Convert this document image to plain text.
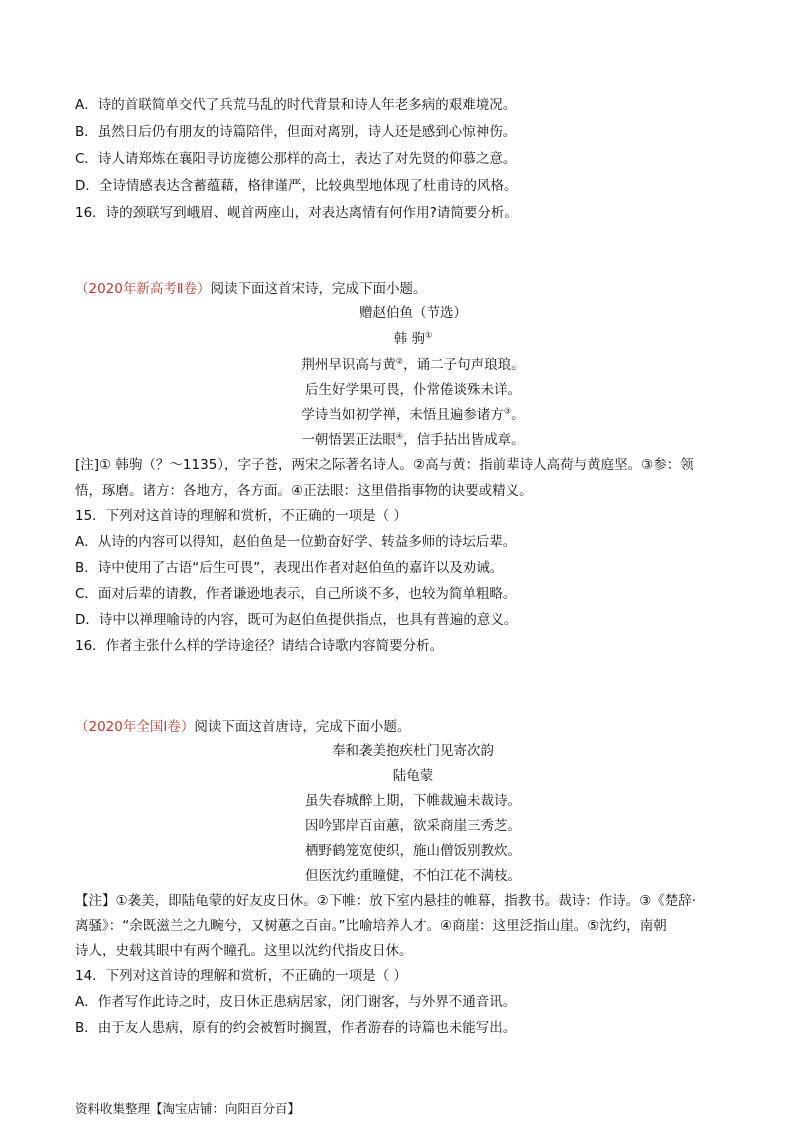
A．诗的首联简单交代了兵荒马乱的时代背景和诗人年老多病的艰难境况。
B．虽然日后仍有朋友的诗篇陪伴，但面对离别，诗人还是感到心惊神伤。
C．诗人请郑炼在襄阳寻访庞德公那样的高士，表达了对先贤的仰慕之意。
D．全诗情感表达含蓄蕴藉，格律谨严，比较典型地体现了杜甫诗的风格。
16．诗的颈联写到峨眉、岘首两座山，对表达离情有何作用?请简要分析。
（2020年新高考Ⅱ卷）阅读下面这首宋诗，完成下面小题。
赠赵伯鱼（节选）
韩 驹①
荆州早识高与黄②，诵二子句声琅琅。
后生好学果可畏，仆常倦谈殊未详。
学诗当如初学禅，未悟且遍参诸方③。
一朝悟罢正法眼④，信手拈出皆成章。
[注]① 韩驹（？～1135），字子苍，两宋之际著名诗人。②高与黄：指前辈诗人高荷与黄庭坚。③参：领
悟，琢磨。诸方：各地方，各方面。④正法眼：这里借指事物的诀要或精义。
15．下列对这首诗的理解和赏析，不正确的一项是（ ）
A．从诗的内容可以得知，赵伯鱼是一位勤奋好学、转益多师的诗坛后辈。
B．诗中使用了古语“后生可畏”，表现出作者对赵伯鱼的嘉许以及劝诫。
C．面对后辈的请教，作者谦逊地表示，自己所谈不多，也较为简单粗略。
D．诗中以禅理喻诗的内容，既可为赵伯鱼提供指点，也具有普遍的意义。
16．作者主张什么样的学诗途径？请结合诗歌内容简要分析。
（2020年全国Ⅰ卷）阅读下面这首唐诗，完成下面小题。
奉和袭美抱疾杜门见寄次韵
陆龟蒙
虽失春城醉上期，下帷裁遍未裁诗。
因吟郢岸百亩蕙，欲采商崖三秀芝。
栖野鹤笼宽使织，施山僧饭别教炊。
但医沈约重瞳健，不怕江花不满枝。
【注】①袭美，即陆龟蒙的好友皮日休。②下帷：放下室内悬挂的帷幕，指教书。裁诗：作诗。③《楚辞·
离骚》：“余既滋兰之九畹兮，又树蕙之百亩。”比喻培养人才。④商崖：这里泛指山崖。⑤沈约，南朝
诗人，史载其眼中有两个瞳孔。这里以沈约代指皮日休。
14．下列对这首诗的理解和赏析，不正确的一项是（ ）
A．作者写作此诗之时，皮日休正患病居家，闭门谢客，与外界不通音讯。
B．由于友人患病，原有的约会被暂时搁置，作者游春的诗篇也未能写出。
资料收集整理【淘宝店铺：向阳百分百】
